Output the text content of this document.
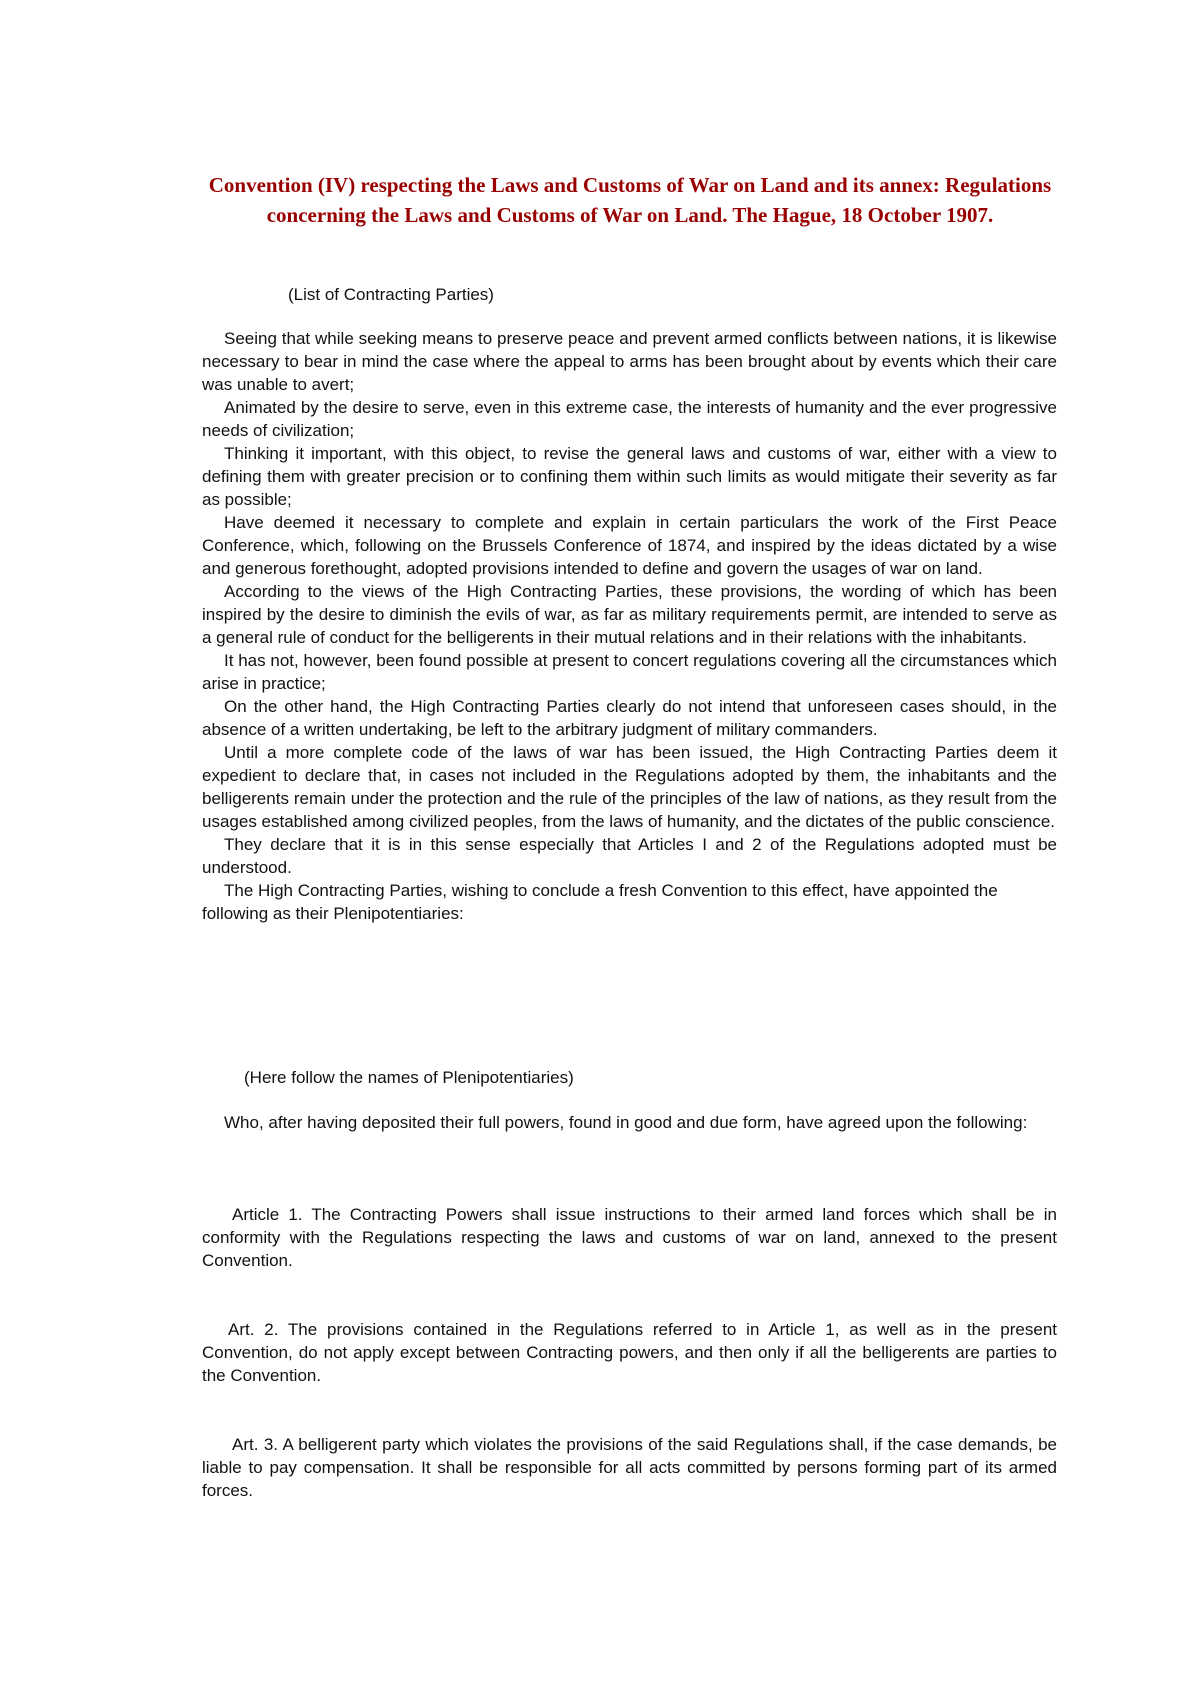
Convention (IV) respecting the Laws and Customs of War on Land and its annex: Regulations concerning the Laws and Customs of War on Land. The Hague, 18 October 1907.

(List of Contracting Parties)

Seeing that while seeking means to preserve peace and prevent armed conflicts between nations, it is likewise necessary to bear in mind the case where the appeal to arms has been brought about by events which their care was unable to avert;

Animated by the desire to serve, even in this extreme case, the interests of humanity and the ever progressive needs of civilization;

Thinking it important, with this object, to revise the general laws and customs of war, either with a view to defining them with greater precision or to confining them within such limits as would mitigate their severity as far as possible;

Have deemed it necessary to complete and explain in certain particulars the work of the First Peace Conference, which, following on the Brussels Conference of 1874, and inspired by the ideas dictated by a wise and generous forethought, adopted provisions intended to define and govern the usages of war on land.

According to the views of the High Contracting Parties, these provisions, the wording of which has been inspired by the desire to diminish the evils of war, as far as military requirements permit, are intended to serve as a general rule of conduct for the belligerents in their mutual relations and in their relations with the inhabitants.

It has not, however, been found possible at present to concert regulations covering all the circumstances which arise in practice;

On the other hand, the High Contracting Parties clearly do not intend that unforeseen cases should, in the absence of a written undertaking, be left to the arbitrary judgment of military commanders.

Until a more complete code of the laws of war has been issued, the High Contracting Parties deem it expedient to declare that, in cases not included in the Regulations adopted by them, the inhabitants and the belligerents remain under the protection and the rule of the principles of the law of nations, as they result from the usages established among civilized peoples, from the laws of humanity, and the dictates of the public conscience.

They declare that it is in this sense especially that Articles I and 2 of the Regulations adopted must be understood.

The High Contracting Parties, wishing to conclude a fresh Convention to this effect, have appointed the

following as their Plenipotentiaries:

(Here follow the names of Plenipotentiaries)

Who, after having deposited their full powers, found in good and due form, have agreed upon the following:

Article 1. The Contracting Powers shall issue instructions to their armed land forces which shall be in conformity with the Regulations respecting the laws and customs of war on land, annexed to the present Convention.

Art. 2. The provisions contained in the Regulations referred to in Article 1, as well as in the present Convention, do not apply except between Contracting powers, and then only if all the belligerents are parties to the Convention.

Art. 3. A belligerent party which violates the provisions of the said Regulations shall, if the case demands, be liable to pay compensation. It shall be responsible for all acts committed by persons forming part of its armed forces.
